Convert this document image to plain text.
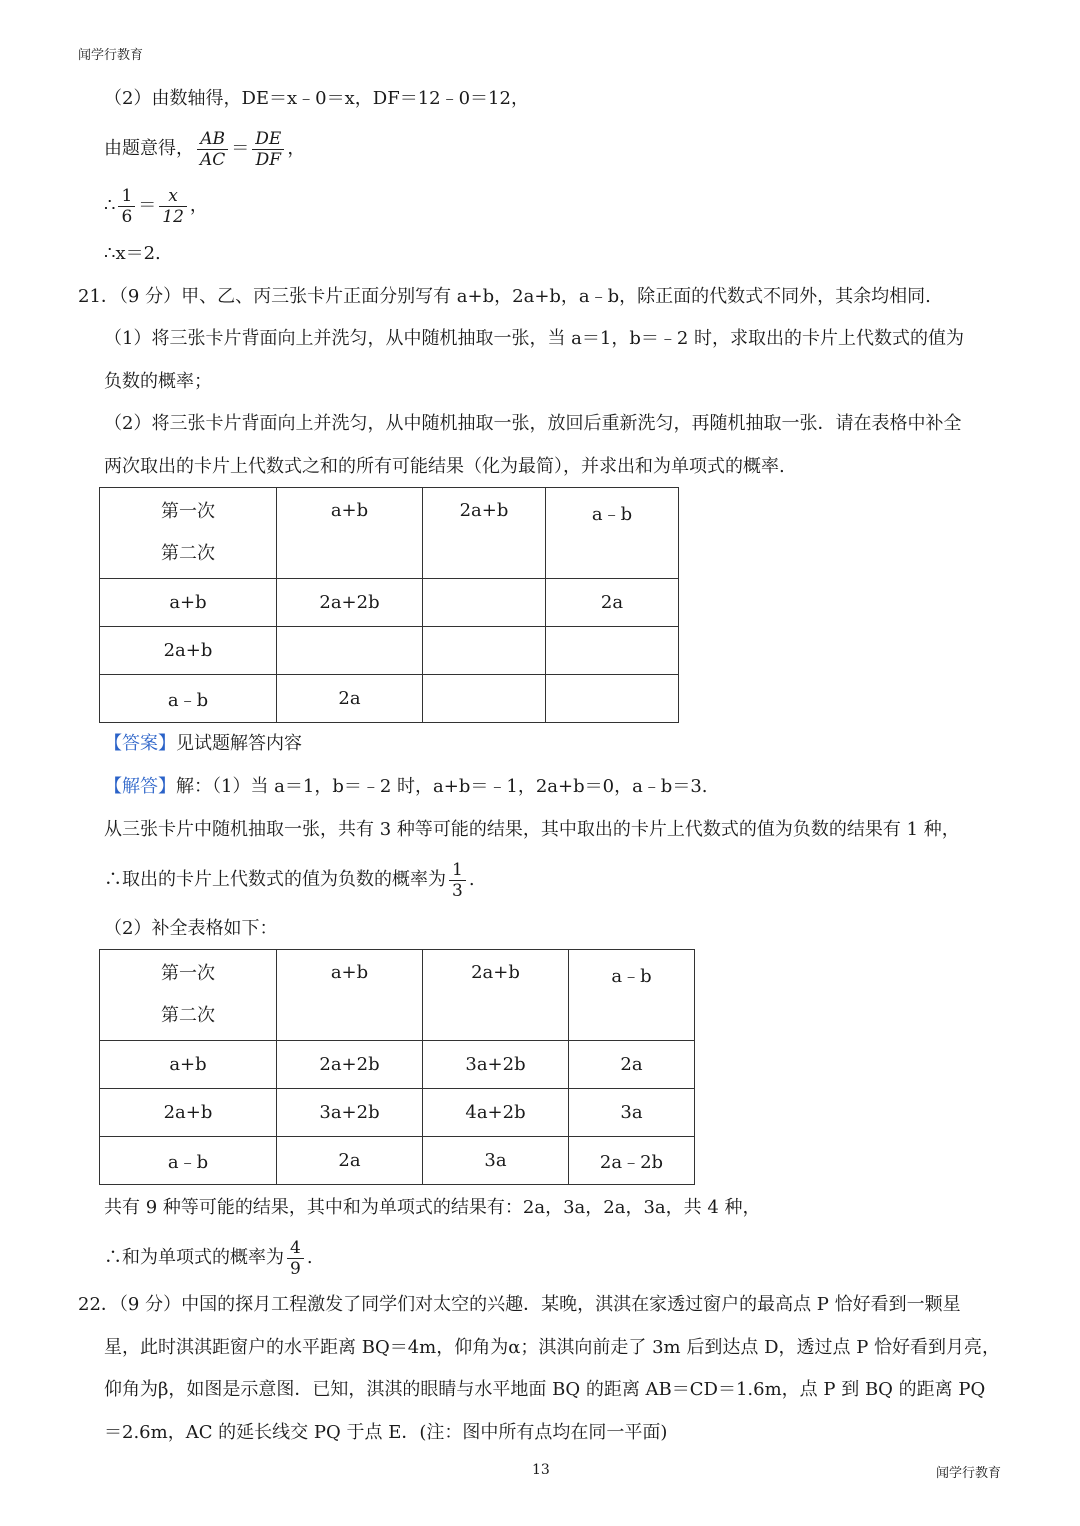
闻学行教育
（2）由数轴得，DE＝x﹣0＝x，DF＝12﹣0＝12，
由题意得， $\frac{AB}{AC} = \frac{DE}{DF}$ ，
∴ $\frac{1}{6} = \frac{x}{12}$ ，
∴x＝2.
21．（9 分）甲、乙、丙三张卡片正面分别写有 a+b，2a+b，a﹣b，除正面的代数式不同外，其余均相同.
（1）将三张卡片背面向上并洗匀，从中随机抽取一张，当 a＝1，b＝﹣2 时，求取出的卡片上代数式的值为
负数的概率；
（2）将三张卡片背面向上并洗匀，从中随机抽取一张，放回后重新洗匀，再随机抽取一张．请在表格中补全
两次取出的卡片上代数式之和的所有可能结果（化为最简），并求出和为单项式的概率.
第一次
第二次	a+b	2a+b	a﹣b
a+b	2a+2b		2a
2a+b			
a﹣b	2a		
【答案】见试题解答内容
【解答】解：（1）当 a＝1，b＝﹣2 时，a+b＝﹣1，2a+b＝0，a﹣b＝3.
从三张卡片中随机抽取一张，共有 3 种等可能的结果，其中取出的卡片上代数式的值为负数的结果有 1 种，
∴取出的卡片上代数式的值为负数的概率为 $\frac{1}{3}$ .
（2）补全表格如下：
第一次
第二次	a+b	2a+b	a﹣b
a+b	2a+2b	3a+2b	2a
2a+b	3a+2b	4a+2b	3a
a﹣b	2a	3a	2a﹣2b
共有 9 种等可能的结果，其中和为单项式的结果有：2a，3a，2a，3a，共 4 种，
∴和为单项式的概率为 $\frac{4}{9}$ .
22．（9 分）中国的探月工程激发了同学们对太空的兴趣．某晚，淇淇在家透过窗户的最高点 P 恰好看到一颗星
星，此时淇淇距窗户的水平距离 BQ＝4m，仰角为α；淇淇向前走了 3m 后到达点 D，透过点 P 恰好看到月亮，
仰角为β，如图是示意图．已知，淇淇的眼睛与水平地面 BQ 的距离 AB＝CD＝1.6m，点 P 到 BQ 的距离 PQ
＝2.6m，AC 的延长线交 PQ 于点 E．(注：图中所有点均在同一平面)
13	闻学行教育
